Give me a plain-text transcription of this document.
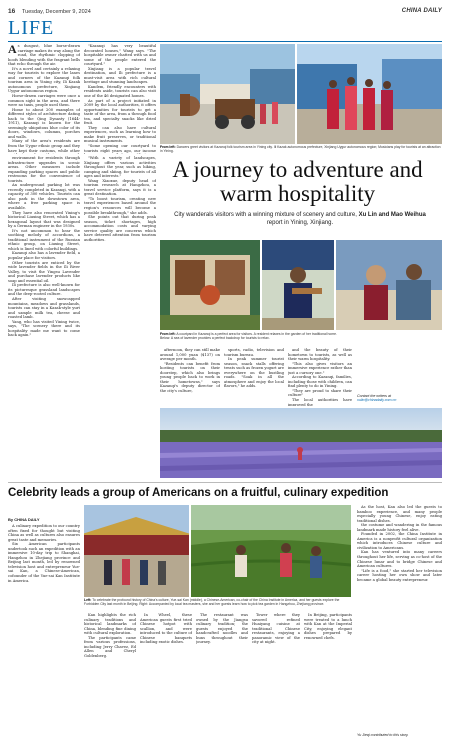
16 Tuesday, December 9, 2024	CHINA DAILY
LIFE

As dusgust, blue borse-drawn carriage makes its way along the road, the rhythmic clopping of hoofs blending with the fragrant bells that echo through the air.

It's a novel and certainly a relaxing way for tourists to explore the lanes and corners of the Kazanqi folk tourism area in Yining city, Ili Kazak autonomous prefecture, Xinjiang Uygur autonomous region.

Horse-drawn carriages were once a common sight in the area, and there were no taxis, people used them.

Home to about 200 examples of different styles of architecture dating back to the Qing Dynasty (1644-1911), Kazanqi is known for the seemingly ubiquitous blue color of its doors, windows, columns, porches and walls.

Many of the area's residents are from the Uygur ethnic group and they have kept their customs, while other

"Kazanqi has very beautiful decorated houses," Wang says. "The hospitable owner chatted with us and some of the people entered the courtyard."

Xinjiang is a popular travel destination, and Ili prefecture is a must-visit area with rich cultural heritage and stunning landscapes.

Kandem, friendly encounters with residents aside, tourists can also visit one of the 46 designated homes.

As part of a project initiated in 2009 by the local authorities, it offers opportunities for tourists to get a taste of the area, from a through food tea, and specialty snacks like dried fruit.

They can also have cultural experiences, such as learning how to make fruit preserves, or traditional musical instruments.

"Some opening our courtyard to tourists eight years ago, our income

environment for residents through infrastructure upgrades in scenic areas. Other measures include expanding parking spaces and public restrooms for the convenience of tourists.

An underground parking lot was recently completed in Kazanqi, with a capacity of 300 vehicles. Tourists can also park in the downtown area, where a free parking space is available.

They have also renovated Yining's historical Liuxing Street, which has a hexagonal layout that was designed by a German engineer in the 1930s.

It's not uncommon to hear the soothing melody of accordions, a traditional instrument of the Russian ethnic group, on Liuxing Street, which is lined with colorful buildings.

Kazanqi also has a lavender field, a popular place for visitors.

Other tourists are enticed by the wide lavender fields in the Ili River Valley, to visit the Yingsu Lavender and purchase lavender products like soap and essential oil.

Ili prefecture is also well-known for its picturesque grassland landscapes and the deep-rooted culture.

After visiting snowcapped mountains, meadows and grasslands, tourists can stay in a Kazak-style yurt and sample milk tea, cheese and roasted lamb.

Yang, who has visited Yining twice, says, "The scenery there and its hospitality made me want to come back again."

"With a variety of landscapes, Xinjiang offers various activities throughout the year, such as hiking, camping and skiing, for tourists of all ages and interests."

Wang Xiaoxue, deputy head of tourism research at Hangzhou, a travel service platform, says it is a great destination.

"To boost tourism, creating new travel experiences based around the region's resources will become a possible breakthrough," she adds.

She points out that during peak season, ticket shortages, high accommodation costs and varying service quality are concerns which have deterred attention from tourism authorities.

From left: Dancers greet visitors at Kazanqi folk tourism area in Yining city. Ili Kazak autonomous prefecture, Xinjiang Uygur autonomous region; Musicians play for tourists at an attraction in Yining.
A journey to adventure and warm hospitality
City wanderals visitors with a winning mixture of scenery and culture, Xu Lin and Mao Weihua report in Yining, Xinjiang.
From left: A courtyard in Kazanqi is a perfect area for visitors. A resident relaxes in the garden of her traditional home. Below: A sea of lavender provides a perfect backdrop for tourists to relax.

afternoon, they can still make around 1,000 yuan ($137) on average per month.

"Residents can benefit from hosting tourists on their doorstep, which also brings young people back to work in their hometowns," says Kazanqi's deputy director of the city's culture,

sports, radio, television and tourism bureau.

In peak summer tourist season, snack stalls offering treats such as frozen yogurt are everywhere on the bustling roads. "Soak in all the atmosphere and enjoy the local flavors," he adds.

and the beauty of their hometown to tourists, as well as their warm hospitality.

"This also gives visitors an immersive experience rather than just a cursory one."

According to Kazanqi, families, including those with children, can find plenty to do in Yining.

"They are proud to share their culture"

The local authorities have improved the

Contact the writers at
xulin@chinadaily.com.cn
Celebrity leads a group of Americans on a fruitful, culinary expedition
By CHINA DAILY

A culinary expedition to our country often fixed for thought but visiting China as well as cultures also ensures great taste and memories.

Six American participants undertook such an expedition with an immersive 10-day trip to Shanghai, Hangzhou in Zhejiang province and Beijing last month, led by renowned television host and entrepreneur Yue-sai Kan, a Chinese-American, cofounder of the Yue-sai Kan Institute in America.

Left: To celebrate the profound history of China's culture, Yue-sai Kan (middle), a Chinese-American, co-chair of the China Institute in America, and her guests explore the Forbidden City last month in Beijing. Right: Accompanied by local tea masters, she and her guests learn how to pick tea garden in Hangzhou, Zhejiang province.

Kan highlights the rich culinary traditions and historical landmarks of China, blending fine dining with cultural exploration.

The participants came from various professions, including Jerry Chavez, Ed Allen and Cheryl Goldenberg.

In Wheel, these American guests first tried Chinese hotpot with scallion, and were introduced to the culture of Chinese banquets including exotic dishes.

The restaurant was owned by the Jiangsu culinary tradition; the guests enjoyed the handcrafted noodles and buns throughout their journey.

Tower where they savored refined Huaiyang cuisine at traditional Chinese restaurants, enjoying a panoramic view of the city at night.

In Beijing, participants were treated to a lunch with Kan at the Imperial City, enjoying elegant dishes prepared by renowned chefs.

As the host, Kan also led the guests to bamboo experience, and many people especially young Chinese, enjoy eating traditional dishes.

the costume and wandering in the famous landmark made history feel alive.

Founded in 2002, the China Institute in America is a nonprofit cultural organization which introduces Chinese culture and civilization to Americans.

Kan has ventured into many careers throughout her life, serving as co-host of the Chinese lunar and to bridge Chinese and American cultures.

"Life is a food," she started her television career hosting her own show and later became a global beauty entrepreneur.

Yu Jieqi contributed to this story.
